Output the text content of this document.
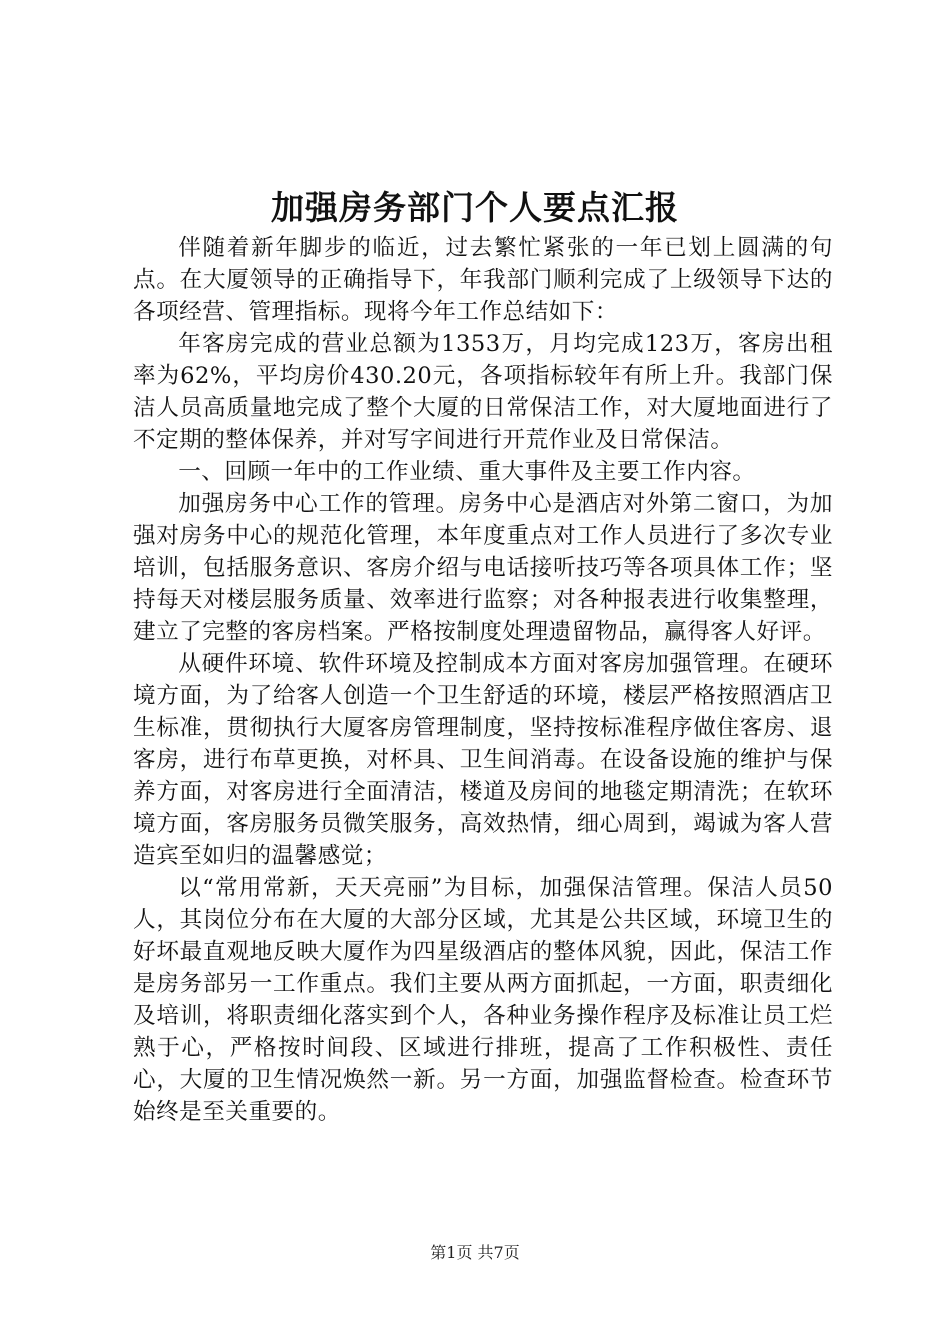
加强房务部门个人要点汇报

伴随着新年脚步的临近，过去繁忙紧张的一年已划上圆满的句点。在大厦领导的正确指导下，年我部门顺利完成了上级领导下达的各项经营、管理指标。现将今年工作总结如下：

年客房完成的营业总额为1353万，月均完成123万，客房出租率为62%，平均房价430.20元，各项指标较年有所上升。我部门保洁人员高质量地完成了整个大厦的日常保洁工作，对大厦地面进行了不定期的整体保养，并对写字间进行开荒作业及日常保洁。

一、回顾一年中的工作业绩、重大事件及主要工作内容。

加强房务中心工作的管理。房务中心是酒店对外第二窗口，为加强对房务中心的规范化管理，本年度重点对工作人员进行了多次专业培训，包括服务意识、客房介绍与电话接听技巧等各项具体工作；坚持每天对楼层服务质量、效率进行监察；对各种报表进行收集整理，建立了完整的客房档案。严格按制度处理遗留物品，赢得客人好评。

从硬件环境、软件环境及控制成本方面对客房加强管理。在硬环境方面，为了给客人创造一个卫生舒适的环境，楼层严格按照酒店卫生标准，贯彻执行大厦客房管理制度，坚持按标准程序做住客房、退客房，进行布草更换，对杯具、卫生间消毒。在设备设施的维护与保养方面，对客房进行全面清洁，楼道及房间的地毯定期清洗；在软环境方面，客房服务员微笑服务，高效热情，细心周到，竭诚为客人营造宾至如归的温馨感觉；

以“常用常新，天天亮丽”为目标，加强保洁管理。保洁人员50人，其岗位分布在大厦的大部分区域，尤其是公共区域，环境卫生的好坏最直观地反映大厦作为四星级酒店的整体风貌，因此，保洁工作是房务部另一工作重点。我们主要从两方面抓起，一方面，职责细化及培训，将职责细化落实到个人，各种业务操作程序及标准让员工烂熟于心，严格按时间段、区域进行排班，提高了工作积极性、责任心，大厦的卫生情况焕然一新。另一方面，加强监督检查。检查环节始终是至关重要的。

第1页 共7页
